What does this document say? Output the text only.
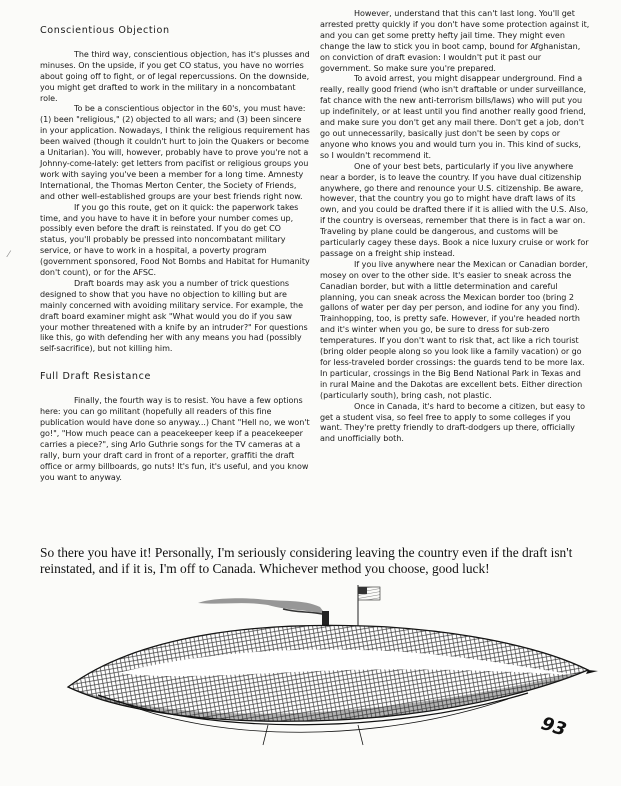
⁄
Conscientious Objection

The third way, conscientious objection, has it's plusses and minuses. On the upside, if you get CO status, you have no worries about going off to fight, or of legal repercussions. On the downside, you might get drafted to work in the military in a noncombatant role.

To be a conscientious objector in the 60's, you must have: (1) been "religious," (2) objected to all wars; and (3) been sincere in your application. Nowadays, I think the religious requirement has been waived (though it couldn't hurt to join the Quakers or become a Unitarian). You will, however, probably have to prove you're not a Johnny-come-lately: get letters from pacifist or religious groups you work with saying you've been a member for a long time. Amnesty International, the Thomas Merton Center, the Society of Friends, and other well-established groups are your best friends right now.

If you go this route, get on it quick: the paperwork takes time, and you have to have it in before your number comes up, possibly even before the draft is reinstated. If you do get CO status, you'll probably be pressed into noncombatant military service, or have to work in a hospital, a poverty program (government sponsored, Food Not Bombs and Habitat for Humanity don't count), or for the AFSC.

Draft boards may ask you a number of trick questions designed to show that you have no objection to killing but are mainly concerned with avoiding military service. For example, the draft board examiner might ask "What would you do if you saw your mother threatened with a knife by an intruder?" For questions like this, go with defending her with any means you had (possibly self-sacrifice), but not killing him.

Full Draft Resistance

Finally, the fourth way is to resist. You have a few options here: you can go militant (hopefully all readers of this fine publication would have done so anyway...) Chant "Hell no, we won't go!", "How much peace can a peacekeeper keep if a peacekeeper carries a piece?", sing Arlo Guthrie songs for the TV cameras at a rally, burn your draft card in front of a reporter, graffiti the draft office or army billboards, go nuts! It's fun, it's useful, and you know you want to anyway.

However, understand that this can't last long. You'll get arrested pretty quickly if you don't have some protection against it, and you can get some pretty hefty jail time. They might even change the law to stick you in boot camp, bound for Afghanistan, on conviction of draft evasion: I wouldn't put it past our government. So make sure you're prepared.

To avoid arrest, you might disappear underground. Find a really, really good friend (who isn't draftable or under surveillance, fat chance with the new anti-terrorism bills/laws) who will put you up indefinitely, or at least until you find another really good friend, and make sure you don't get any mail there. Don't get a job, don't go out unnecessarily, basically just don't be seen by cops or anyone who knows you and would turn you in. This kind of sucks, so I wouldn't recommend it.

One of your best bets, particularly if you live anywhere near a border, is to leave the country. If you have dual citizenship anywhere, go there and renounce your U.S. citizenship. Be aware, however, that the country you go to might have draft laws of its own, and you could be drafted there if it is allied with the U.S. Also, if the country is overseas, remember that there is in fact a war on. Traveling by plane could be dangerous, and customs will be particularly cagey these days. Book a nice luxury cruise or work for passage on a freight ship instead.

If you live anywhere near the Mexican or Canadian border, mosey on over to the other side. It's easier to sneak across the Canadian border, but with a little determination and careful planning, you can sneak across the Mexican border too (bring 2 gallons of water per day per person, and iodine for any you find). Trainhopping, too, is pretty safe. However, if you're headed north and it's winter when you go, be sure to dress for sub-zero temperatures. If you don't want to risk that, act like a rich tourist (bring older people along so you look like a family vacation) or go for less-traveled border crossings: the guards tend to be more lax. In particular, crossings in the Big Bend National Park in Texas and in rural Maine and the Dakotas are excellent bets. Either direction (particularly south), bring cash, not plastic.

Once in Canada, it's hard to become a citizen, but easy to get a student visa, so feel free to apply to some colleges if you want. They're pretty friendly to draft-dodgers up there, officially and unofficially both.

So there you have it! Personally, I'm seriously considering leaving the country even if the draft isn't reinstated, and if it is, I'm off to Canada. Whichever method you choose, good luck!
93
